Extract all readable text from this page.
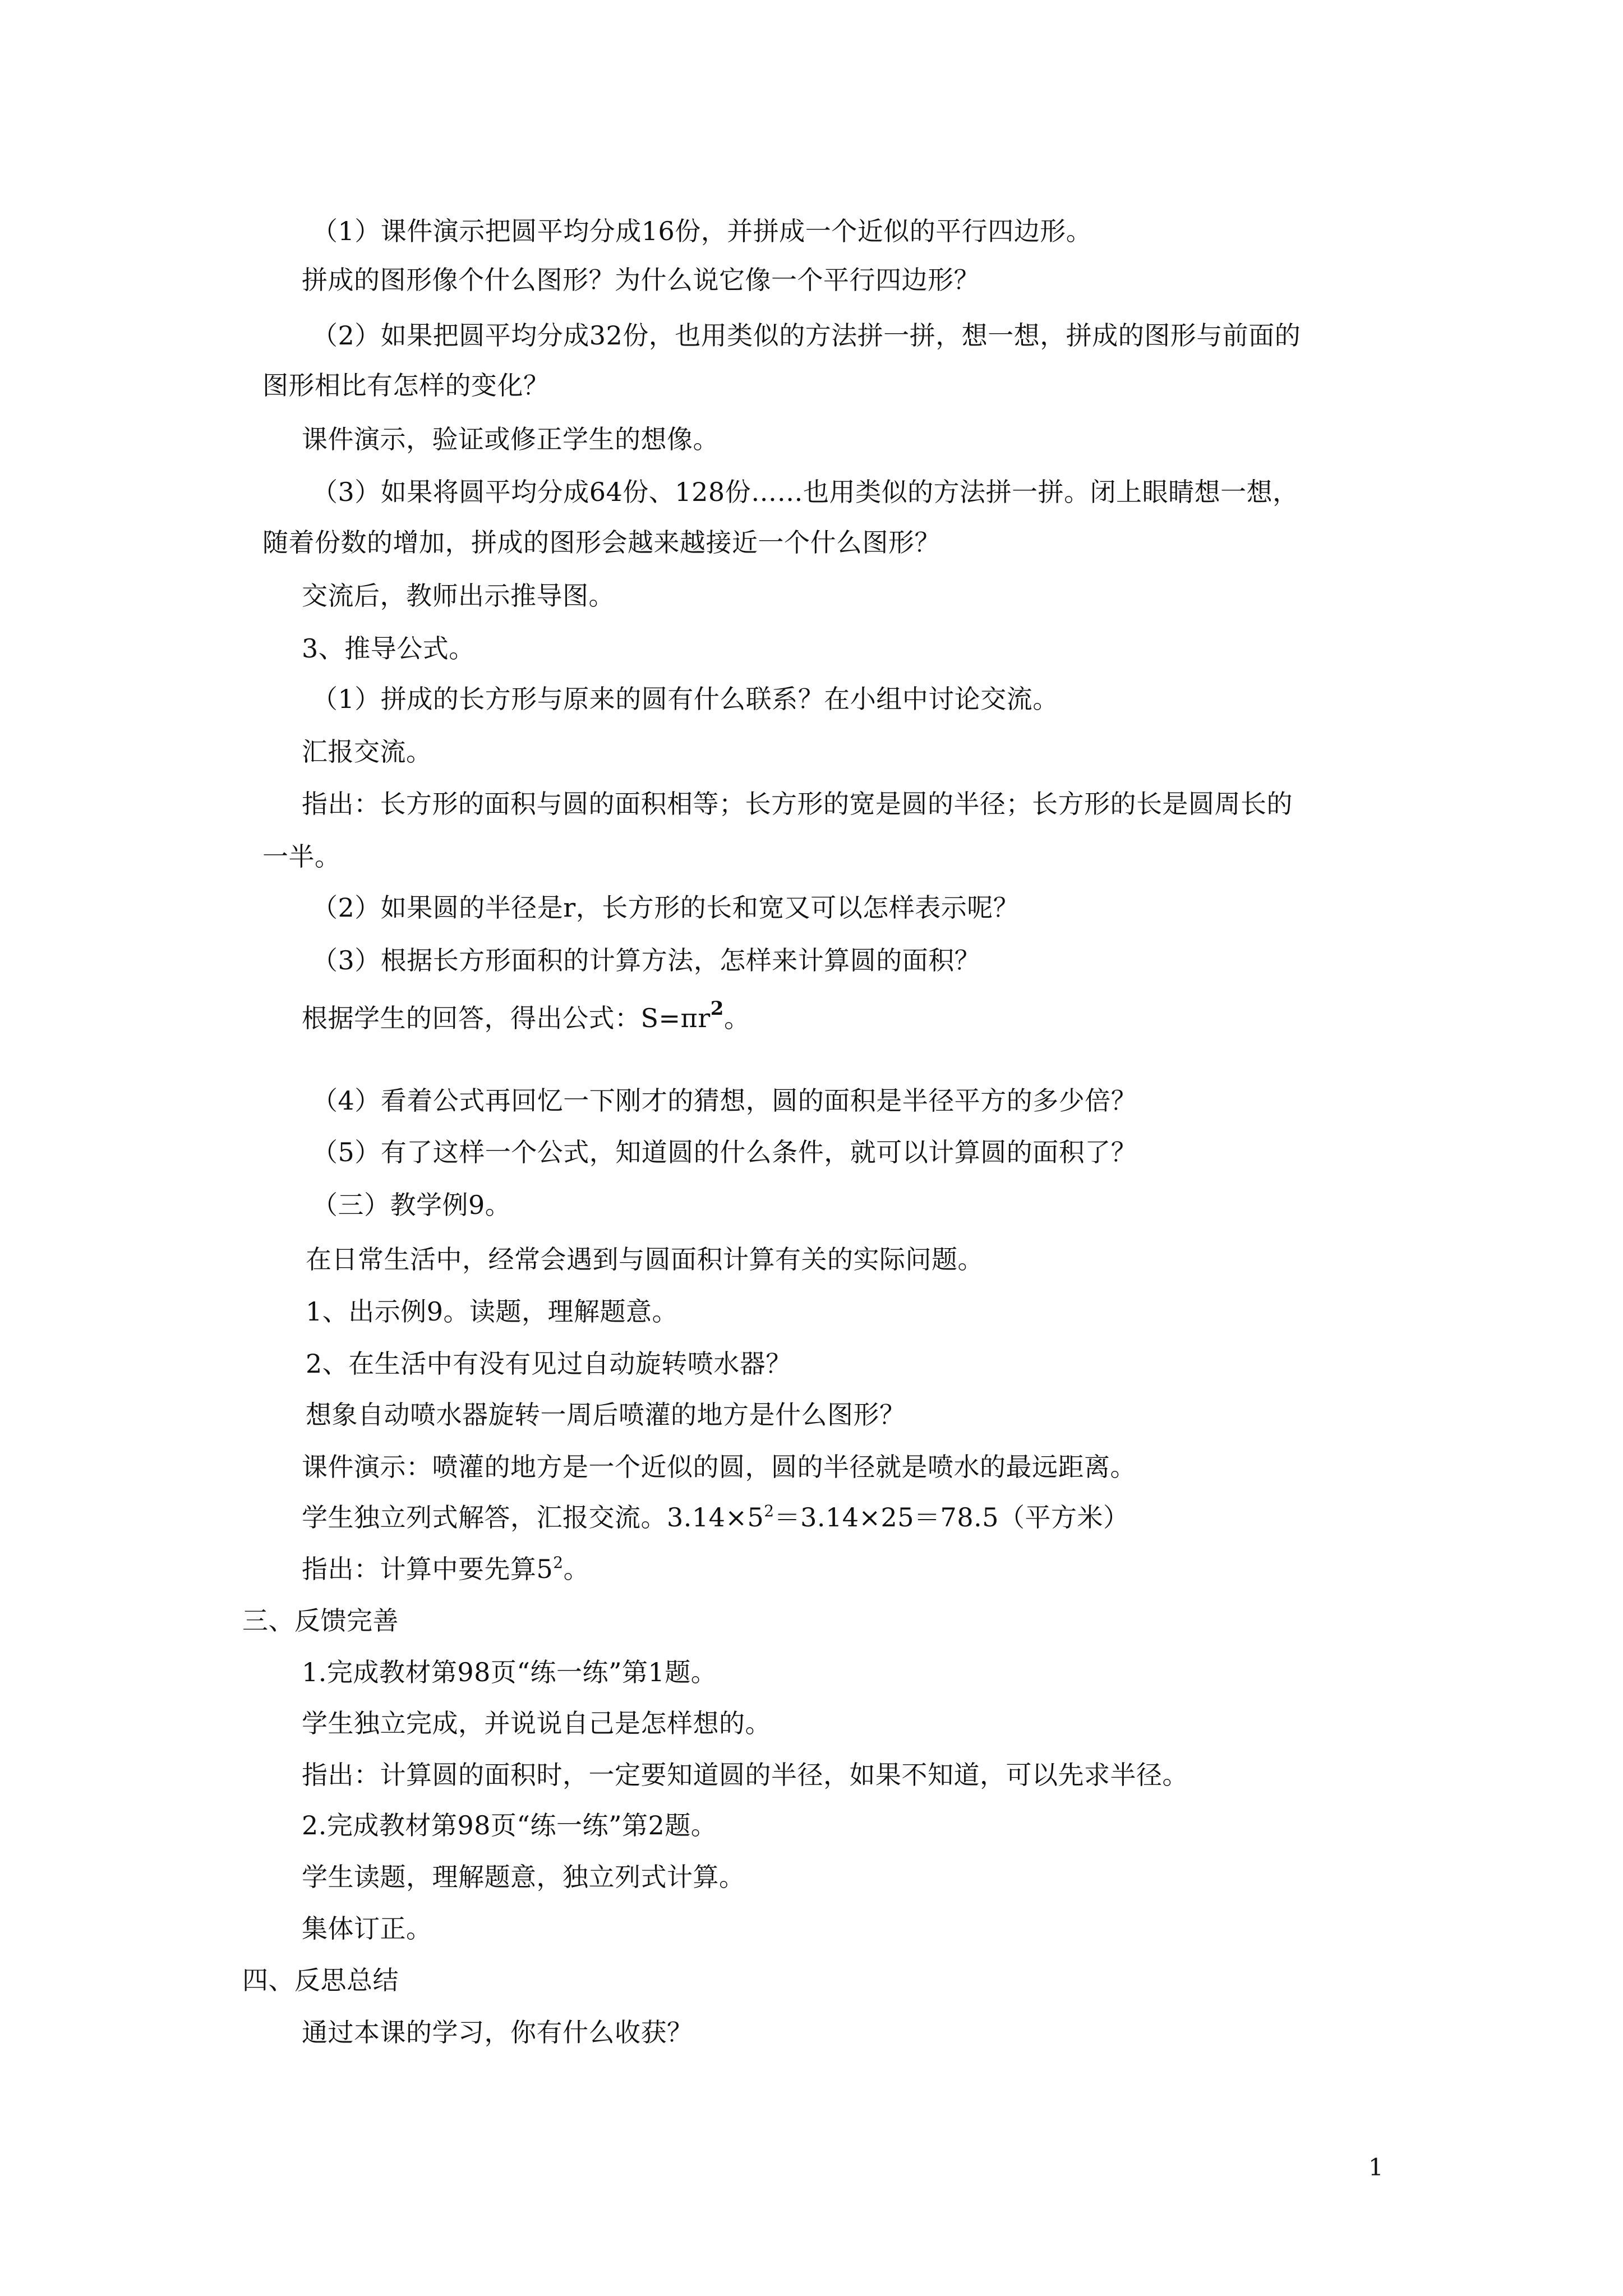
（1）课件演示把圆平均分成16份，并拼成一个近似的平行四边形。
拼成的图形像个什么图形？为什么说它像一个平行四边形？
（2）如果把圆平均分成32份，也用类似的方法拼一拼，想一想，拼成的图形与前面的
图形相比有怎样的变化？
课件演示，验证或修正学生的想像。
（3）如果将圆平均分成64份、128份……也用类似的方法拼一拼。闭上眼睛想一想，
随着份数的增加，拼成的图形会越来越接近一个什么图形？
交流后，教师出示推导图。
3、推导公式。
（1）拼成的长方形与原来的圆有什么联系？在小组中讨论交流。
汇报交流。
指出：长方形的面积与圆的面积相等；长方形的宽是圆的半径；长方形的长是圆周长的
一半。
（2）如果圆的半径是r，长方形的长和宽又可以怎样表示呢？
（3）根据长方形面积的计算方法，怎样来计算圆的面积？
根据学生的回答，得出公式：$S=\pi r^2$。
（4）看着公式再回忆一下刚才的猜想，圆的面积是半径平方的多少倍？
（5）有了这样一个公式，知道圆的什么条件，就可以计算圆的面积了？
（三）教学例9。
在日常生活中，经常会遇到与圆面积计算有关的实际问题。
1、出示例9。读题，理解题意。
2、在生活中有没有见过自动旋转喷水器？
想象自动喷水器旋转一周后喷灌的地方是什么图形？
课件演示：喷灌的地方是一个近似的圆，圆的半径就是喷水的最远距离。
学生独立列式解答，汇报交流。$3.14\times 5^2=3.14\times 25=78.5$（平方米）
指出：计算中要先算$5^2$。
三、反馈完善
1.完成教材第98页“练一练”第1题。
学生独立完成，并说说自己是怎样想的。
指出：计算圆的面积时，一定要知道圆的半径，如果不知道，可以先求半径。
2.完成教材第98页“练一练”第2题。
学生读题，理解题意，独立列式计算。
集体订正。
四、反思总结
通过本课的学习，你有什么收获？
1
